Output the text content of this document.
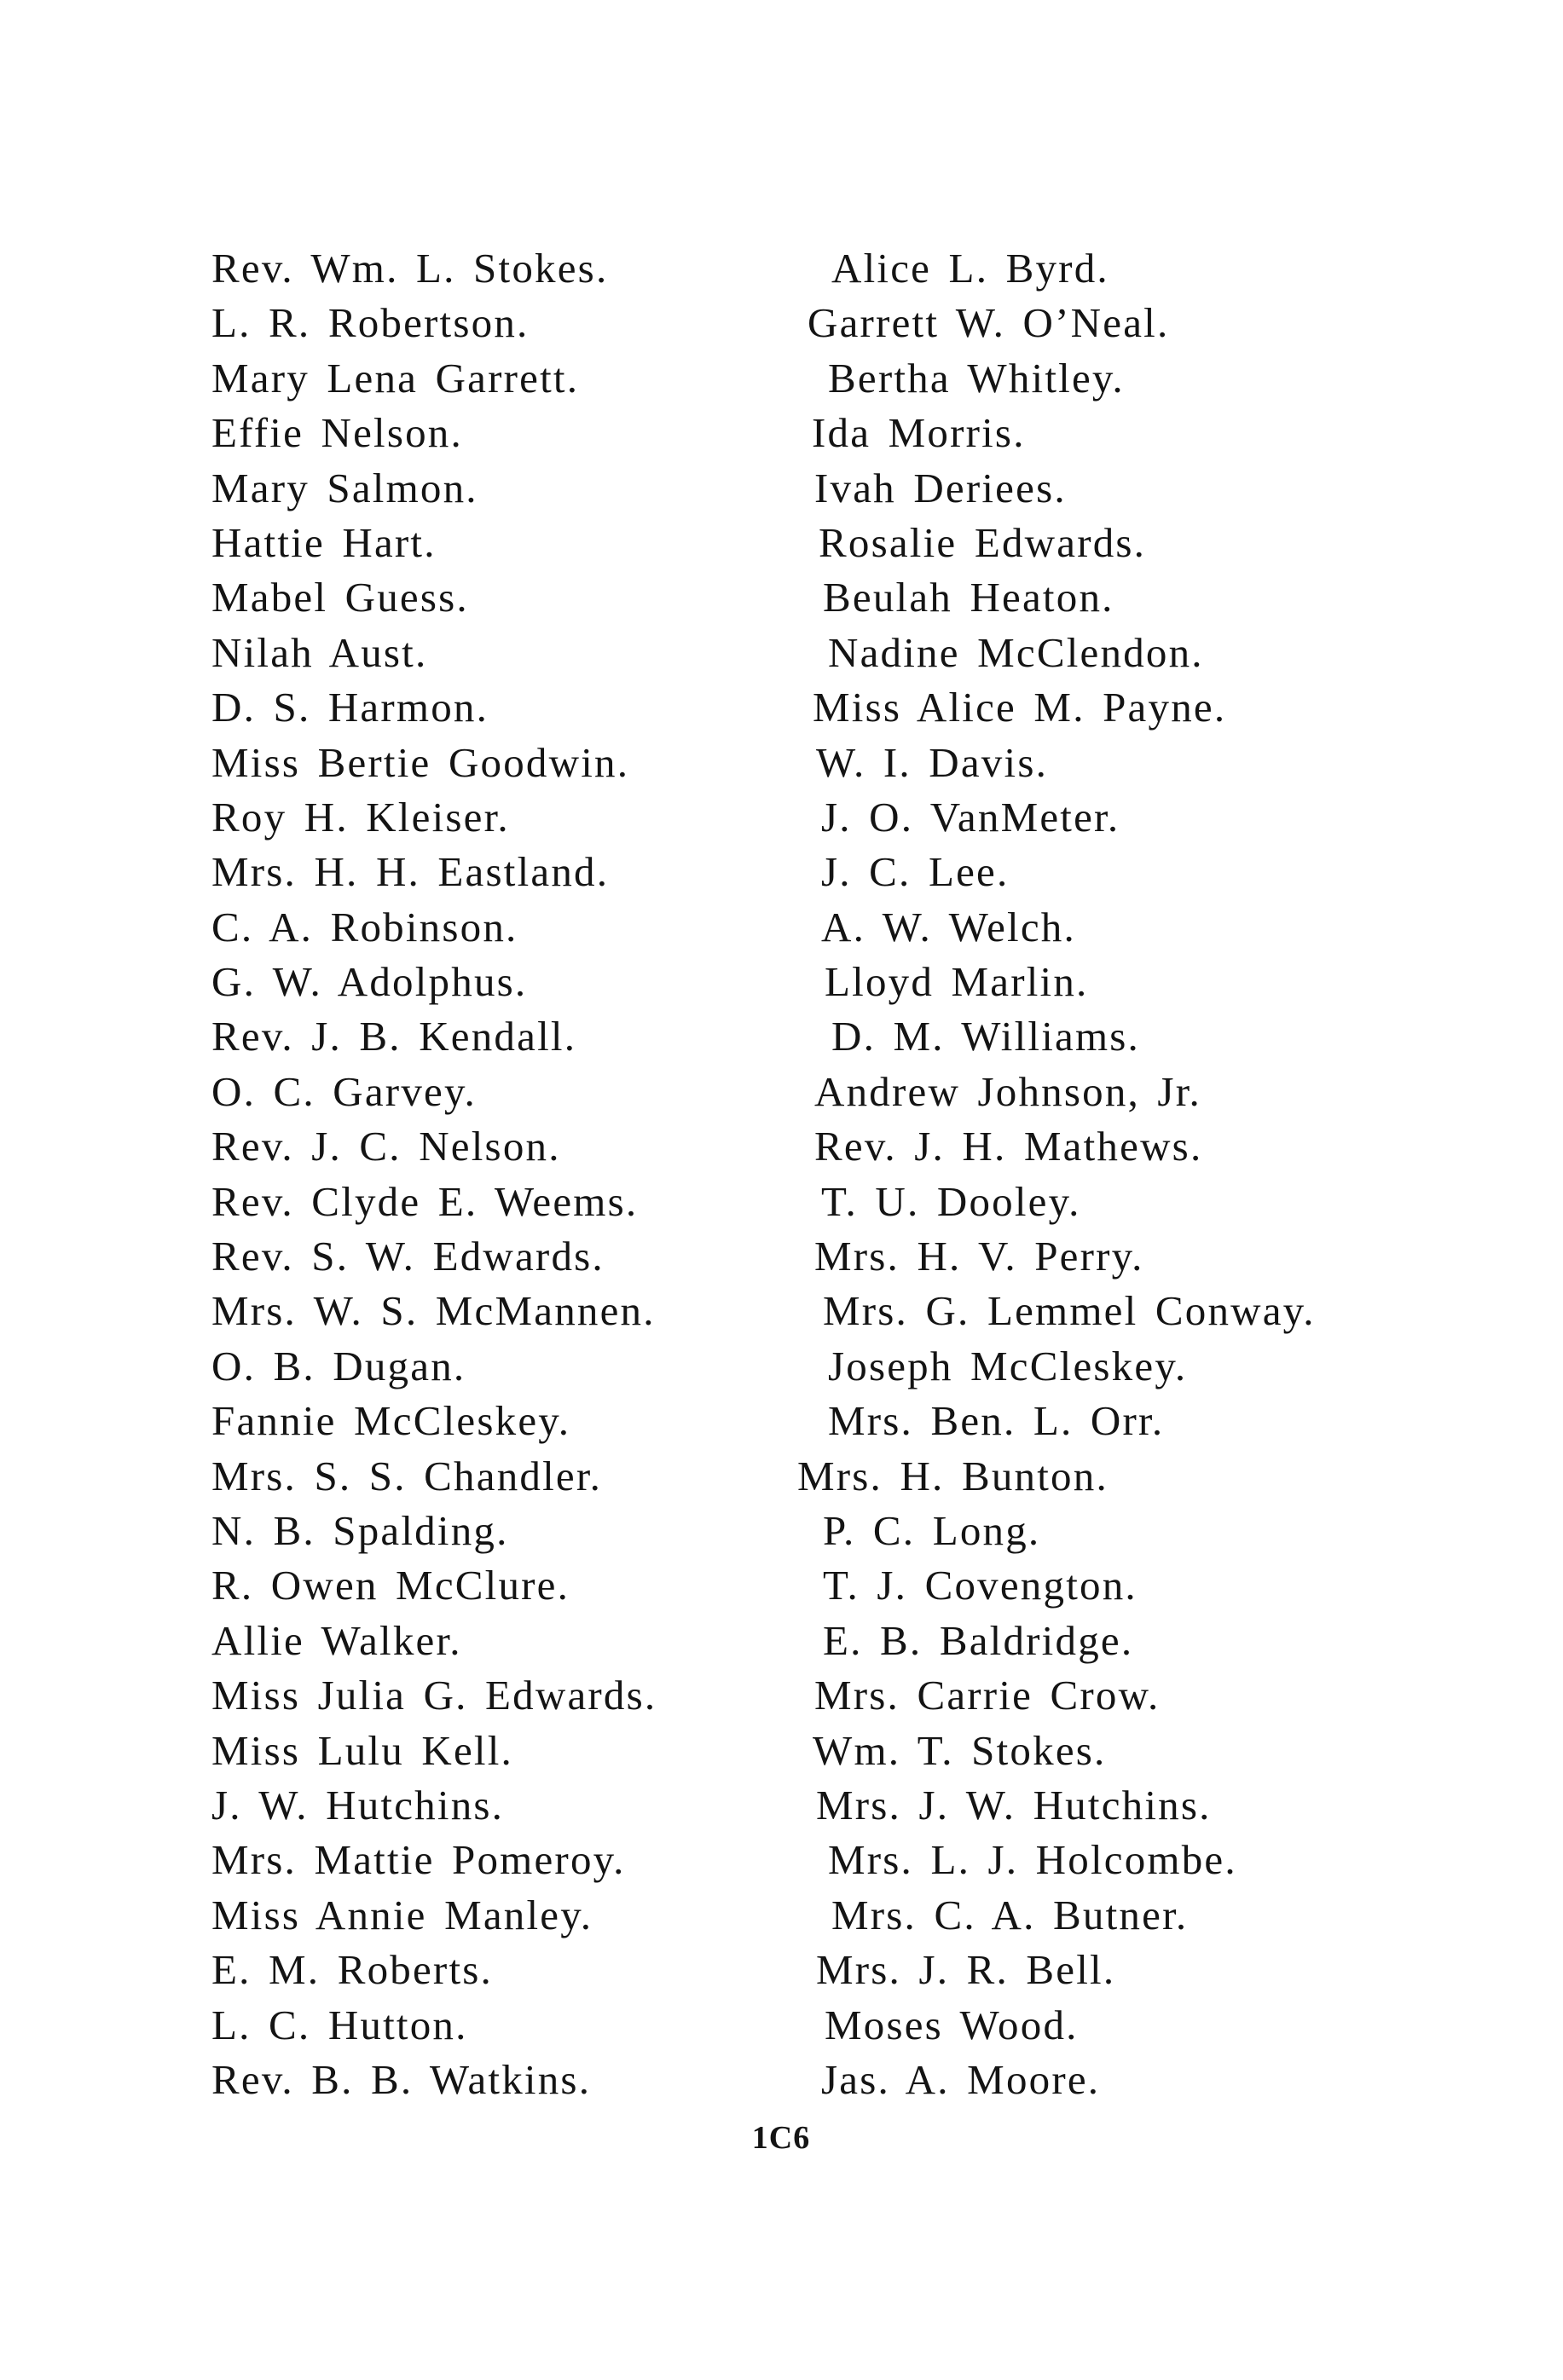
Rev. Wm. L. Stokes.
L. R. Robertson.
Mary Lena Garrett.
Effie Nelson.
Mary Salmon.
Hattie Hart.
Mabel Guess.
Nilah Aust.
D. S. Harmon.
Miss Bertie Goodwin.
Roy H. Kleiser.
Mrs. H. H. Eastland.
C. A. Robinson.
G. W. Adolphus.
Rev. J. B. Kendall.
O. C. Garvey.
Rev. J. C. Nelson.
Rev. Clyde E. Weems.
Rev. S. W. Edwards.
Mrs. W. S. McMannen.
O. B. Dugan.
Fannie McCleskey.
Mrs. S. S. Chandler.
N. B. Spalding.
R. Owen McClure.
Allie Walker.
Miss Julia G. Edwards.
Miss Lulu Kell.
J. W. Hutchins.
Mrs. Mattie Pomeroy.
Miss Annie Manley.
E. M. Roberts.
L. C. Hutton.
Rev. B. B. Watkins.
Alice L. Byrd.
Garrett W. O’Neal.
Bertha Whitley.
Ida Morris.
Ivah Deriees.
Rosalie Edwards.
Beulah Heaton.
Nadine McClendon.
Miss Alice M. Payne.
W. I. Davis.
J. O. VanMeter.
J. C. Lee.
A. W. Welch.
Lloyd Marlin.
D. M. Williams.
Andrew Johnson, Jr.
Rev. J. H. Mathews.
T. U. Dooley.
Mrs. H. V. Perry.
Mrs. G. Lemmel Conway.
Joseph McCleskey.
Mrs. Ben. L. Orr.
Mrs. H. Bunton.
P. C. Long.
T. J. Covengton.
E. B. Baldridge.
Mrs. Carrie Crow.
Wm. T. Stokes.
Mrs. J. W. Hutchins.
Mrs. L. J. Holcombe.
Mrs. C. A. Butner.
Mrs. J. R. Bell.
Moses Wood.
Jas. A. Moore.
1C6
